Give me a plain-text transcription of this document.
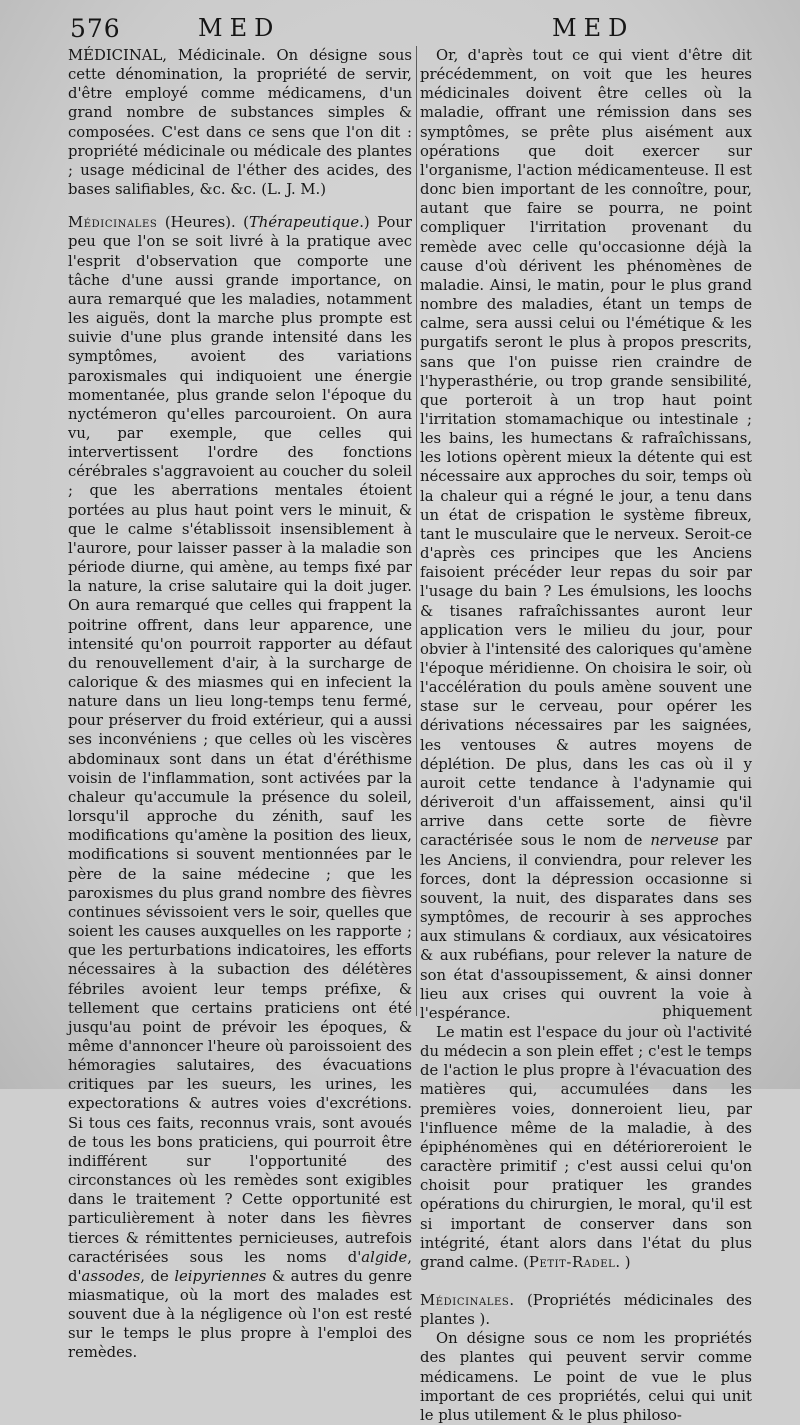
576	MED	MED

MÉDICINAL, Médicinale. On désigne sous cette dénomination, la propriété de servir, d'être employé comme médicamens, d'un grand nombre de substances simples & composées. C'est dans ce sens que l'on dit : propriété médicinale ou médicale des plantes ; usage médicinal de l'éther des acides, des bases salifiables, &c. &c. (L. J. M.)

Médicinales (Heures). (Thérapeutique.) Pour peu que l'on se soit livré à la pratique avec l'esprit d'observation que comporte une tâche d'une aussi grande importance, on aura remarqué que les maladies, notamment les aiguës, dont la marche plus prompte est suivie d'une plus grande intensité dans les symptômes, avoient des variations paroxismales qui indiquoient une énergie momentanée, plus grande selon l'époque du nyctémeron qu'elles parcouroient. On aura vu, par exemple, que celles qui intervertissent l'ordre des fonctions cérébrales s'aggravoient au coucher du soleil ; que les aberrations mentales étoient portées au plus haut point vers le minuit, & que le calme s'établissoit insensiblement à l'aurore, pour laisser passer à la maladie son période diurne, qui amène, au temps fixé par la nature, la crise salutaire qui la doit juger. On aura remarqué que celles qui frappent la poitrine offrent, dans leur apparence, une intensité qu'on pourroit rapporter au défaut du renouvellement d'air, à la surcharge de calorique & des miasmes qui en infecient la nature dans un lieu long-temps tenu fermé, pour préserver du froid extérieur, qui a aussi ses inconvéniens ; que celles où les viscères abdominaux sont dans un état d'éréthisme voisin de l'inflammation, sont activées par la chaleur qu'accumule la présence du soleil, lorsqu'il approche du zénith, sauf les modifications qu'amène la position des lieux, modifications si souvent mentionnées par le père de la saine médecine ; que les paroxismes du plus grand nombre des fièvres continues sévissoient vers le soir, quelles que soient les causes auxquelles on les rapporte ; que les perturbations indicatoires, les efforts nécessaires à la subaction des délétères fébriles avoient leur temps préfixe, & tellement que certains praticiens ont été jusqu'au point de prévoir les époques, & même d'annoncer l'heure où paroissoient des hémoragies salutaires, des évacuations critiques par les sueurs, les urines, les expectorations & autres voies d'excrétions. Si tous ces faits, reconnus vrais, sont avoués de tous les bons praticiens, qui pourroit être indifférent sur l'opportunité des circonstances où les remèdes sont exigibles dans le traitement ? Cette opportunité est particulièrement à noter dans les fièvres tierces & rémittentes pernicieuses, autrefois caractérisées sous les noms d'algide, d'assodes, de leipyriennes & autres du genre miasmatique, où la mort des malades est souvent due à la négligence où l'on est resté sur le temps le plus propre à l'emploi des remèdes.

Or, d'après tout ce qui vient d'être dit précédemment, on voit que les heures médicinales doivent être celles où la maladie, offrant une rémission dans ses symptômes, se prête plus aisément aux opérations que doit exercer sur l'organisme, l'action médicamenteuse. Il est donc bien important de les connoître, pour, autant que faire se pourra, ne point compliquer l'irritation provenant du remède avec celle qu'occasionne déjà la cause d'où dérivent les phénomènes de maladie. Ainsi, le matin, pour le plus grand nombre des maladies, étant un temps de calme, sera aussi celui ou l'émétique & les purgatifs seront le plus à propos prescrits, sans que l'on puisse rien craindre de l'hyperasthérie, ou trop grande sensibilité, que porteroit à un trop haut point l'irritation stomamachique ou intestinale ; les bains, les humectans & rafraîchissans, les lotions opèrent mieux la détente qui est nécessaire aux approches du soir, temps où la chaleur qui a régné le jour, a tenu dans un état de crispation le système fibreux, tant le musculaire que le nerveux. Seroit-ce d'après ces principes que les Anciens faisoient précéder leur repas du soir par l'usage du bain ? Les émulsions, les loochs & tisanes rafraîchissantes auront leur application vers le milieu du jour, pour obvier à l'intensité des caloriques qu'amène l'époque méridienne. On choisira le soir, où l'accélération du pouls amène souvent une stase sur le cerveau, pour opérer les dérivations nécessaires par les saignées, les ventouses & autres moyens de déplétion. De plus, dans les cas où il y auroit cette tendance à l'adynamie qui dériveroit d'un affaissement, ainsi qu'il arrive dans cette sorte de fièvre caractérisée sous le nom de nerveuse par les Anciens, il conviendra, pour relever les forces, dont la dépression occasionne si souvent, la nuit, des disparates dans ses symptômes, de recourir à ses approches aux stimulans & cordiaux, aux vésicatoires & aux rubéfians, pour relever la nature de son état d'assoupissement, & ainsi donner lieu aux crises qui ouvrent la voie à l'espérance.

Le matin est l'espace du jour où l'activité du médecin a son plein effet ; c'est le temps de l'action le plus propre à l'évacuation des matières qui, accumulées dans les premières voies, donneroient lieu, par l'influence même de la maladie, à des épiphénomènes qui en détérioreroient le caractère primitif ; c'est aussi celui qu'on choisit pour pratiquer les grandes opérations du chirurgien, le moral, qu'il est si important de conserver dans son intégrité, étant alors dans l'état du plus grand calme. (Petit-Radel. )

Médicinales. (Propriétés médicinales des plantes ).

On désigne sous ce nom les propriétés des plantes qui peuvent servir comme médicamens. Le point de vue le plus important de ces propriétés, celui qui unit le plus utilement & le plus philoso-

phiquement
